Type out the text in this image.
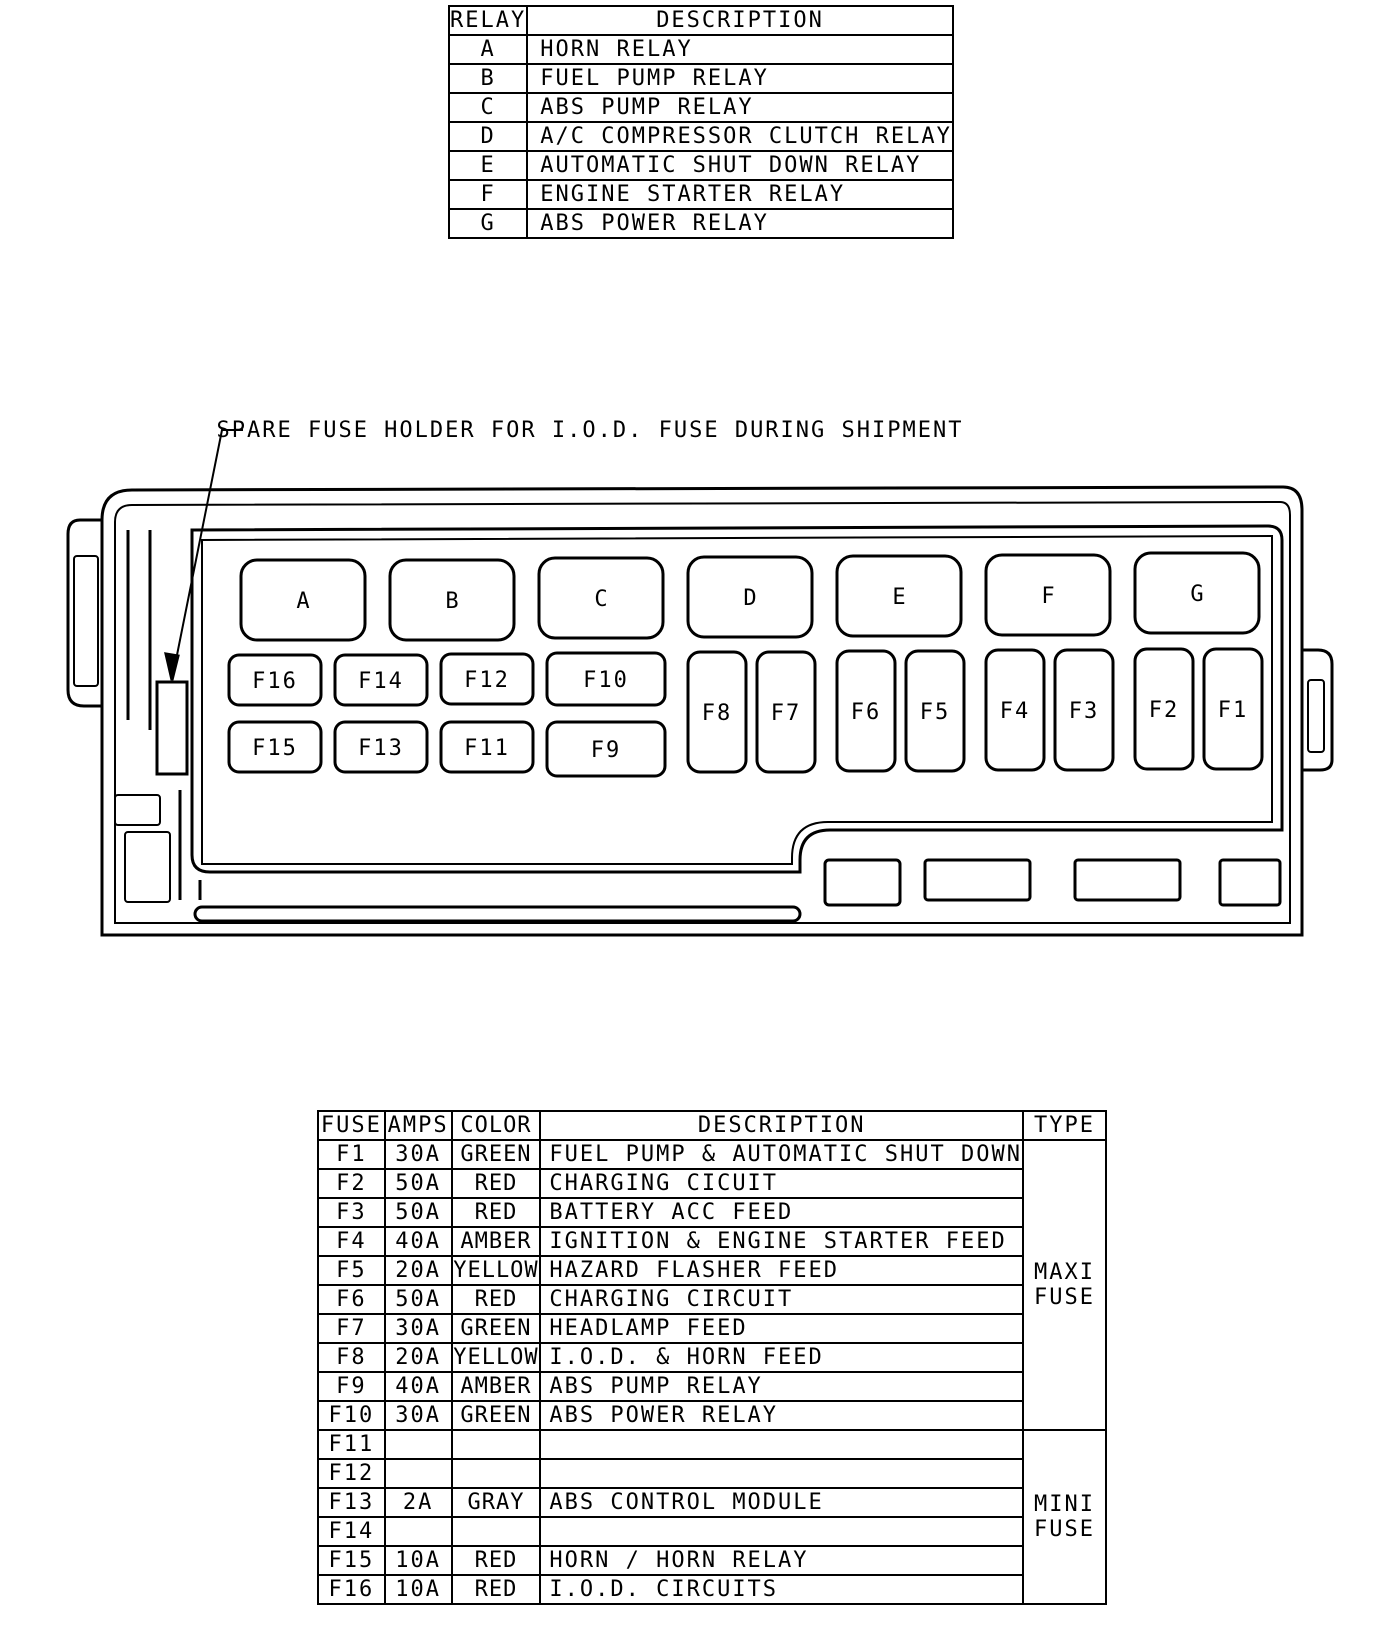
RELAY	DESCRIPTION
A	HORN RELAY
B	FUEL PUMP RELAY
C	ABS PUMP RELAY
D	A/C COMPRESSOR CLUTCH RELAY
E	AUTOMATIC SHUT DOWN RELAY
F	ENGINE STARTER RELAY
G	ABS POWER RELAY
SPARE FUSE HOLDER FOR I.O.D. FUSE DURING SHIPMENT
A	B	C	D	E	F	G
F16	F14	F12	F10
F15	F13	F11	F9
F8 F7 F6 F5 F4 F3 F2 F1
FUSE	AMPS	COLOR	DESCRIPTION	TYPE
F1	30A	GREEN	FUEL PUMP & AUTOMATIC SHUT DOWN	MAXI FUSE
F2	50A	RED	CHARGING CICUIT	
F3	50A	RED	BATTERY ACC FEED	
F4	40A	AMBER	IGNITION & ENGINE STARTER FEED	
F5	20A	YELLOW	HAZARD FLASHER FEED	
F6	50A	RED	CHARGING CIRCUIT	
F7	30A	GREEN	HEADLAMP FEED	
F8	20A	YELLOW	I.O.D. & HORN FEED	
F9	40A	AMBER	ABS PUMP RELAY	
F10	30A	GREEN	ABS POWER RELAY	
F11				MINI FUSE
F12				
F13	2A	GRAY	ABS CONTROL MODULE	
F14				
F15	10A	RED	HORN / HORN RELAY	
F16	10A	RED	I.O.D. CIRCUITS	
